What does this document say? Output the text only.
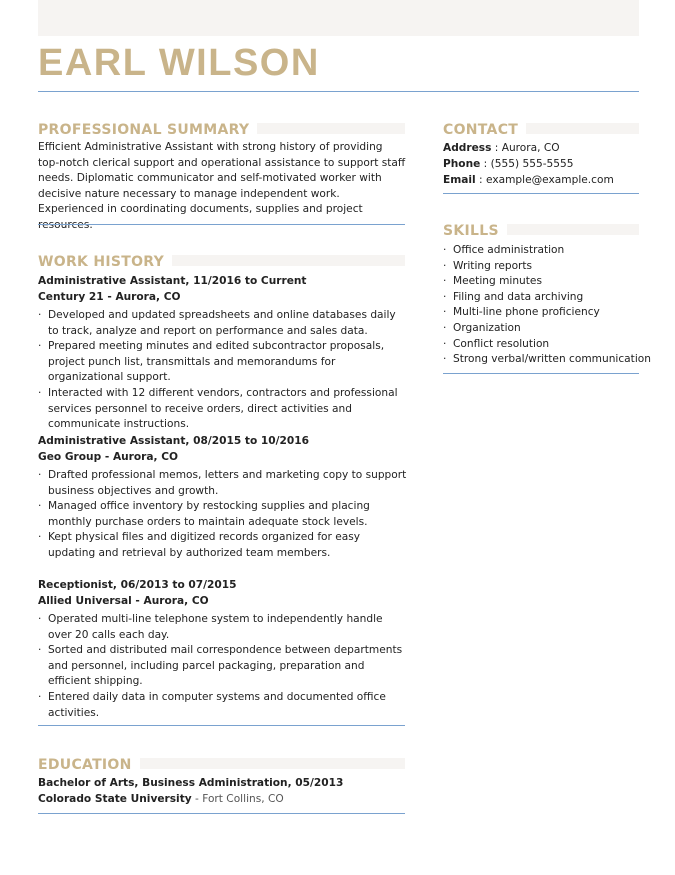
EARL WILSON
PROFESSIONAL SUMMARY
Efficient Administrative Assistant with strong history of providing top-notch clerical support and operational assistance to support staff needs. Diplomatic communicator and self-motivated worker with decisive nature necessary to manage independent work. Experienced in coordinating documents, supplies and project
WORK HISTORY
Administrative Assistant, 11/2016 to Current
Century 21 - Aurora, CO
· Developed and updated spreadsheets and online databases daily to track, analyze and report on performance and sales data.
· Prepared meeting minutes and edited subcontractor proposals, project punch list, transmittals and memorandums for organizational support.
· Interacted with 12 different vendors, contractors and professional services personnel to receive orders, direct activities and communicate instructions.
Administrative Assistant, 08/2015 to 10/2016
Geo Group - Aurora, CO
· Drafted professional memos, letters and marketing copy to support business objectives and growth.
· Managed office inventory by restocking supplies and placing monthly purchase orders to maintain adequate stock levels.
· Kept physical files and digitized records organized for easy updating and retrieval by authorized team members.
Receptionist, 06/2013 to 07/2015
Allied Universal - Aurora, CO
· Operated multi-line telephone system to independently handle over 20 calls each day.
· Sorted and distributed mail correspondence between departments and personnel, including parcel packaging, preparation and efficient shipping.
· Entered daily data in computer systems and documented office activities.
EDUCATION
Bachelor of Arts, Business Administration, 05/2013
Colorado State University - Fort Collins, CO
CONTACT
Address : Aurora, CO
Phone : (555) 555-5555
Email : example@example.com
SKILLS
· Office administration
· Writing reports
· Meeting minutes
· Filing and data archiving
· Multi-line phone proficiency
· Organization
· Conflict resolution
· Strong verbal/written communication
